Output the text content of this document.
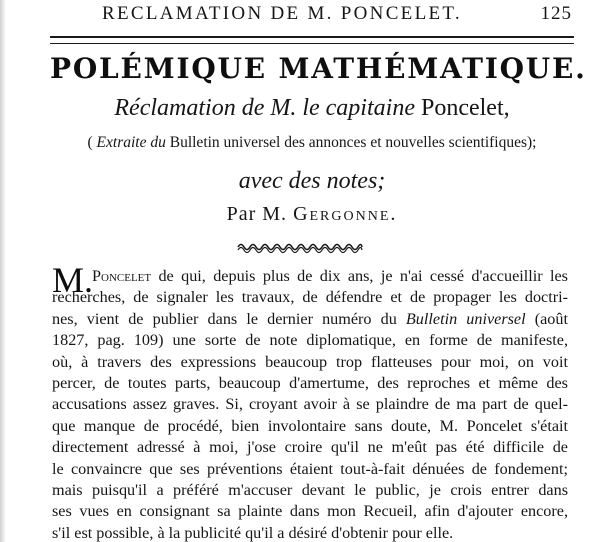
RECLAMATION DE M. PONCELET.	125
POLÉMIQUE MATHÉMATIQUE.
Réclamation de M. le capitaine Poncelet,
( Extraite du Bulletin universel des annonces et nouvelles scientifiques);
avec des notes;
Par M. Gergonne.
M.
Poncelet de qui, depuis plus de dix ans, je n'ai cessé d'accueillir les
recherches, de signaler les travaux, de défendre et de propager les doctri-
nes, vient de publier dans le dernier numéro du Bulletin universel (août
1827, pag. 109) une sorte de note diplomatique, en forme de manifeste,
où, à travers des expressions beaucoup trop flatteuses pour moi, on voit
percer, de toutes parts, beaucoup d'amertume, des reproches et même des
accusations assez graves. Si, croyant avoir à se plaindre de ma part de quel-
que manque de procédé, bien involontaire sans doute, M. Poncelet s'était
directement adressé à moi, j'ose croire qu'il ne m'eût pas été difficile de
le convaincre que ses préventions étaient tout-à-fait dénuées de fondement;
mais puisqu'il a préféré m'accuser devant le public, je crois entrer dans
ses vues en consignant sa plainte dans mon Recueil, afin d'ajouter encore,
s'il est possible, à la publicité qu'il a désiré d'obtenir pour elle.
